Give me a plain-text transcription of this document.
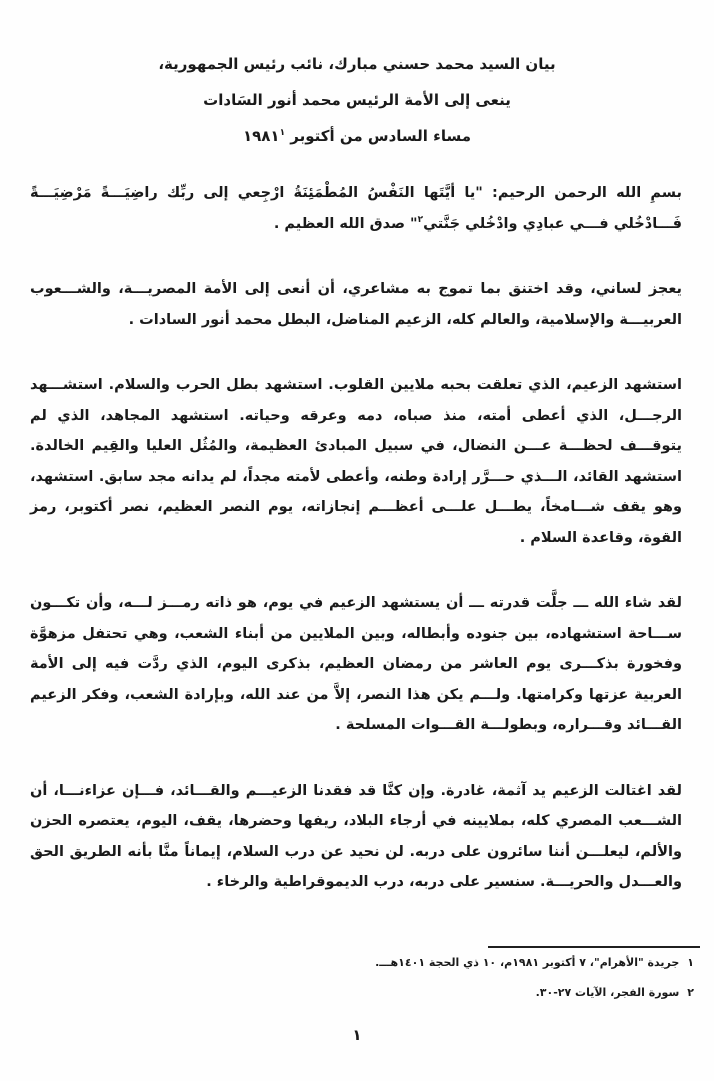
بيان السيد محمد حسني مبارك، نائب رئيس الجمهورية،
ينعى إلى الأمة الرئيس محمد أنور السَادات
مساء السادس من أكتوبر ١٩٨١$^١$

بسمِ الله الرحمن الرحيم: "يا أيَّتَها النَفْسُ المُطْمَئِنَةُ ارْجِعي إلى ربِّك راضِيَـــةً مَرْضِيَـــةً فَـــادْخُلي فـــي عبادِي وادْخُلي جَنَّتي$^٢$" صدق الله العظيم .

يعجز لساني، وقد اختنق بما تموج به مشاعري، أن أنعى إلى الأمة المصريـــة، والشـــعوب العربيـــة والإسلامية، والعالم كله، الزعيم المناضل، البطل محمد أنور السادات .

استشهد الزعيم، الذي تعلقت بحبه ملايين القلوب. استشهد بطل الحرب والسلام. استشـــهد الرجـــل، الذي أعطى أمته، منذ صباه، دمه وعرقه وحياته. استشهد المجاهد، الذي لم يتوقـــف لحظـــة عـــن النضال، في سبيل المبادئ العظيمة، والمُثُل العليا والقِيم الخالدة. استشهد القائد، الـــذي حـــرَّر إرادة وطنه، وأعطى لأمته مجداً، لم يدانه مجد سابق. استشهد، وهو يقف شـــامخاً، يطـــل علـــى أعظـــم إنجازاته، يوم النصر العظيم، نصر أكتوبر، رمز القوة، وقاعدة السلام .

لقد شاء الله ـــ جلَّت قدرته ـــ أن يستشهد الزعيم في يوم، هو ذاته رمـــز لـــه، وأن تكـــون ســـاحة استشهاده، بين جنوده وأبطاله، وبين الملايين من أبناء الشعب، وهي تحتفل مزهوَّة وفخورة بذكـــرى يوم العاشر من رمضان العظيم، بذكرى اليوم، الذي ردَّت فيه إلى الأمة العربية عزتها وكرامتها. ولـــم يكن هذا النصر، إلاَّ من عند الله، وبإرادة الشعب، وفكر الزعيم القـــائد وقـــراره، وبطولـــة القـــوات المسلحة .

لقد اغتالت الزعيم يد آثمة، غادرة. وإن كنَّا قد فقدنا الزعيـــم والقـــائد، فـــإن عزاءنـــا، أن الشـــعب المصري كله، بملايينه في أرجاء البلاد، ريفها وحضرها، يقف، اليوم، يعتصره الحزن والألم، ليعلـــن أننا سائرون على دربه. لن نحيد عن درب السلام، إيماناً منَّا بأنه الطريق الحق والعـــدل والحريـــة. سنسير على دربه، درب الديموقراطية والرخاء .

١جريدة "الأهرام"، ٧ أكتوبر ١٩٨١م، ١٠ ذي الحجة ١٤٠١هـــ.
٢سورة الفجر، الآيات ٢٧-٣٠.
١
